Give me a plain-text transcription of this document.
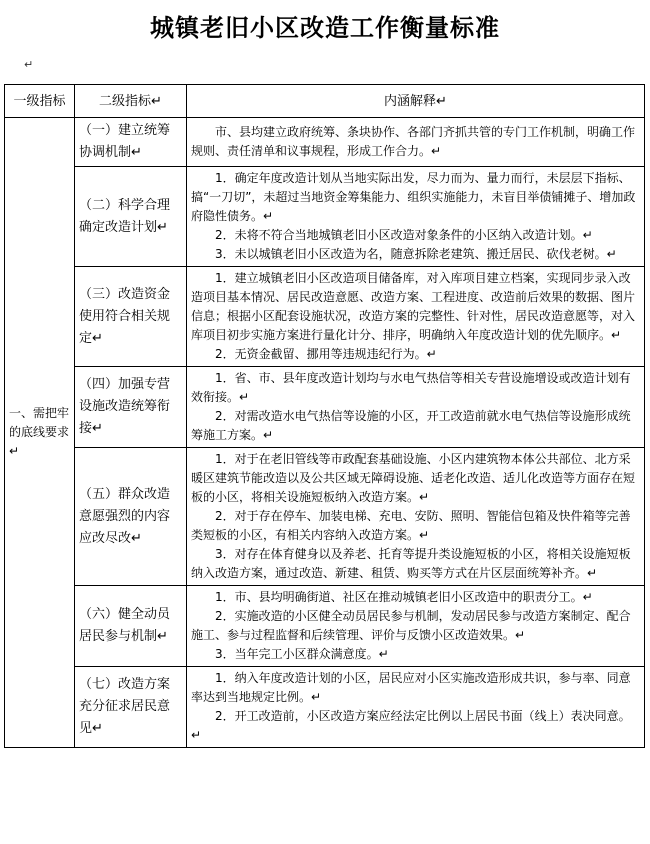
城镇老旧小区改造工作衡量标准
↵
一级指标	二级指标↵	内涵解释↵
一、需把牢的底线要求↵	（一）建立统筹协调机制↵	市、县均建立政府统筹、条块协作、各部门齐抓共管的专门工作机制，明确工作规则、责任清单和议事规程，形成工作合力。↵

	（二）科学合理确定改造计划↵	1．确定年度改造计划从当地实际出发，尽力而为、量力而行，未层层下指标、搞“一刀切”，未超过当地资金筹集能力、组织实施能力，未盲目举债铺摊子、增加政府隐性债务。↵

2．未将不符合当地城镇老旧小区改造对象条件的小区纳入改造计划。↵

3．未以城镇老旧小区改造为名，随意拆除老建筑、搬迁居民、砍伐老树。↵

	（三）改造资金使用符合相关规定↵	1．建立城镇老旧小区改造项目储备库，对入库项目建立档案，实现同步录入改造项目基本情况、居民改造意愿、改造方案、工程进度、改造前后效果的数据、图片信息；根据小区配套设施状况，改造方案的完整性、针对性，居民改造意愿等，对入库项目初步实施方案进行量化计分、排序，明确纳入年度改造计划的优先顺序。↵

2．无资金截留、挪用等违规违纪行为。↵

	（四）加强专营设施改造统筹衔接↵	1．省、市、县年度改造计划均与水电气热信等相关专营设施增设或改造计划有效衔接。↵

2．对需改造水电气热信等设施的小区，开工改造前就水电气热信等设施形成统筹施工方案。↵

	（五）群众改造意愿强烈的内容应改尽改↵	1．对于在老旧管线等市政配套基础设施、小区内建筑物本体公共部位、北方采暖区建筑节能改造以及公共区域无障碍设施、适老化改造、适儿化改造等方面存在短板的小区，将相关设施短板纳入改造方案。↵

2．对于存在停车、加装电梯、充电、安防、照明、智能信包箱及快件箱等完善类短板的小区，有相关内容纳入改造方案。↵

3．对存在体育健身以及养老、托育等提升类设施短板的小区，将相关设施短板纳入改造方案，通过改造、新建、租赁、购买等方式在片区层面统筹补齐。↵

	（六）健全动员居民参与机制↵	1．市、县均明确街道、社区在推动城镇老旧小区改造中的职责分工。↵

2．实施改造的小区健全动员居民参与机制，发动居民参与改造方案制定、配合施工、参与过程监督和后续管理、评价与反馈小区改造效果。↵

3．当年完工小区群众满意度。↵

	（七）改造方案充分征求居民意见↵	1．纳入年度改造计划的小区，居民应对小区实施改造形成共识，参与率、同意率达到当地规定比例。↵

2．开工改造前，小区改造方案应经法定比例以上居民书面（线上）表决同意。↵
